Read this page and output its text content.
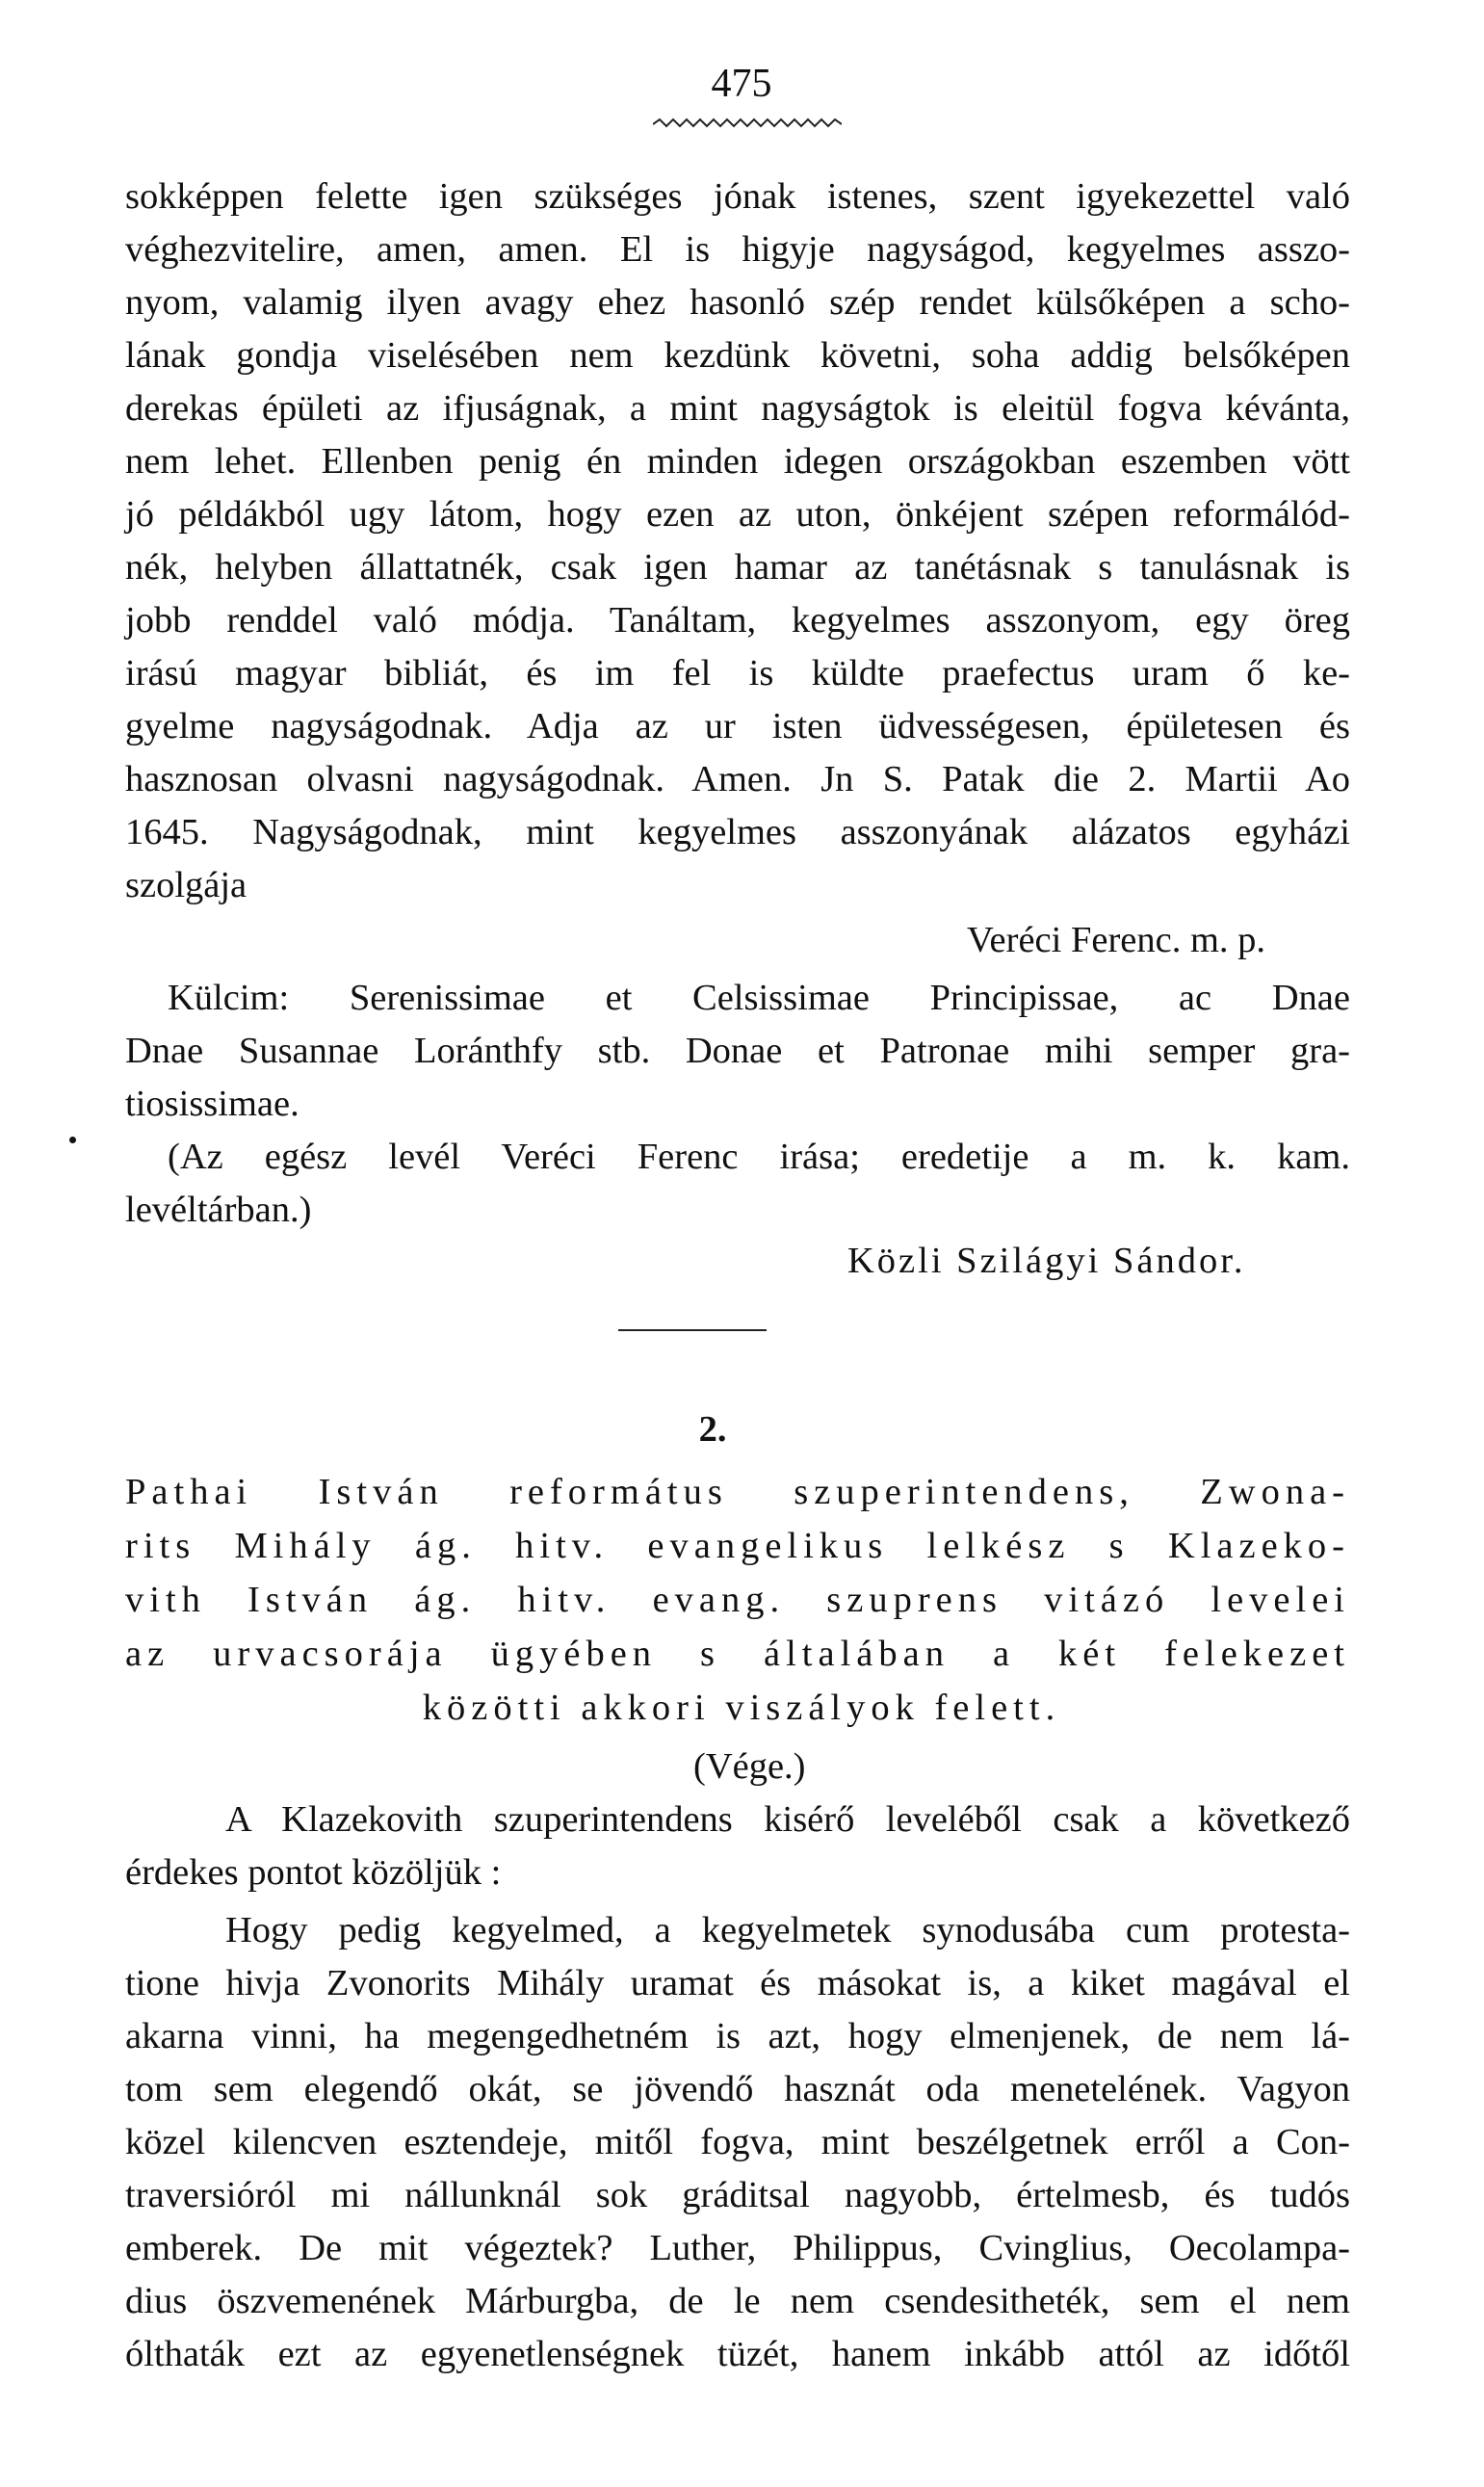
475
sokképpen felette igen szükséges jónak istenes, szent igyekezettel való
véghezvitelire, amen, amen. El is higyje nagyságod, kegyelmes asszo-
nyom, valamig ilyen avagy ehez hasonló szép rendet külsőképen a scho-
lának gondja viselésében nem kezdünk követni, soha addig belsőképen
derekas épületi az ifjuságnak, a mint nagyságtok is eleitül fogva kévánta,
nem lehet. Ellenben penig én minden idegen országokban eszemben vött
jó példákból ugy látom, hogy ezen az uton, önkéjent szépen reformálód-
nék, helyben állattatnék, csak igen hamar az tanétásnak s tanulásnak is
jobb renddel való módja. Tanáltam, kegyelmes asszonyom, egy öreg
irású magyar bibliát, és im fel is küldte praefectus uram ő ke-
gyelme nagyságodnak. Adja az ur isten üdvességesen, épületesen és
hasznosan olvasni nagyságodnak. Amen. Jn S. Patak die 2. Martii Ao
1645. Nagyságodnak, mint kegyelmes asszonyának alázatos egyházi
szolgája
Veréci Ferenc. m. p.
Külcim: Serenissimae et Celsissimae Principissae, ac Dnae
Dnae Susannae Loránthfy stb. Donae et Patronae mihi semper gra-
tiosissimae.
(Az egész levél Veréci Ferenc irása; eredetije a m. k. kam.
levéltárban.)
Közli Szilágyi Sándor.
2.
Pathai István református szuperintendens, Zwona-
rits Mihály ág. hitv. evangelikus lelkész s Klazeko-
vith István ág. hitv. evang. szuprens vitázó levelei
az urvacsorája ügyében s általában a két felekezet
közötti akkori viszályok felett.
(Vége.)
A Klazekovith szuperintendens kisérő leveléből csak a következő
érdekes pontot közöljük :
Hogy pedig kegyelmed, a kegyelmetek synodusába cum protesta-
tione hivja Zvonorits Mihály uramat és másokat is, a kiket magával el
akarna vinni, ha megengedhetném is azt, hogy elmenjenek, de nem lá-
tom sem elegendő okát, se jövendő hasznát oda menetelének. Vagyon
közel kilencven esztendeje, mitől fogva, mint beszélgetnek erről a Con-
traversióról mi nállunknál sok gráditsal nagyobb, értelmesb, és tudós
emberek. De mit végeztek? Luther, Philippus, Cvinglius, Oecolampa-
dius öszvemenének Márburgba, de le nem csendesitheték, sem el nem
ólthaták ezt az egyenetlenségnek tüzét, hanem inkább attól az időtől
